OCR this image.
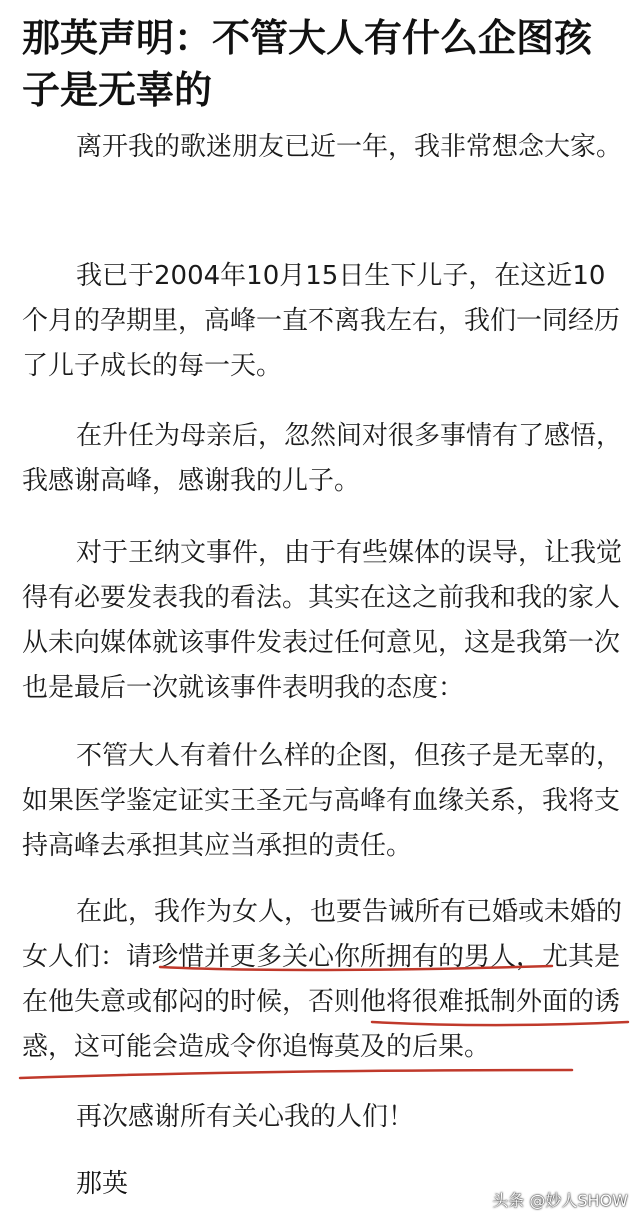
那英声明：不管大人有什么企图孩子是无辜的

离开我的歌迷朋友已近一年，我非常想念大家。

我已于2004年10月15日生下儿子，在这近10个月的孕期里，高峰一直不离我左右，我们一同经历了儿子成长的每一天。

在升任为母亲后，忽然间对很多事情有了感悟，我感谢高峰，感谢我的儿子。

对于王纳文事件，由于有些媒体的误导，让我觉得有必要发表我的看法。其实在这之前我和我的家人从未向媒体就该事件发表过任何意见，这是我第一次也是最后一次就该事件表明我的态度：

不管大人有着什么样的企图，但孩子是无辜的，如果医学鉴定证实王圣元与高峰有血缘关系，我将支持高峰去承担其应当承担的责任。

在此，我作为女人，也要告诫所有已婚或未婚的女人们：请珍惜并更多关心你所拥有的男人，尤其是在他失意或郁闷的时候，否则他将很难抵制外面的诱惑，这可能会造成令你追悔莫及的后果。

再次感谢所有关心我的人们！

那英

头条 @妙人SHOW
